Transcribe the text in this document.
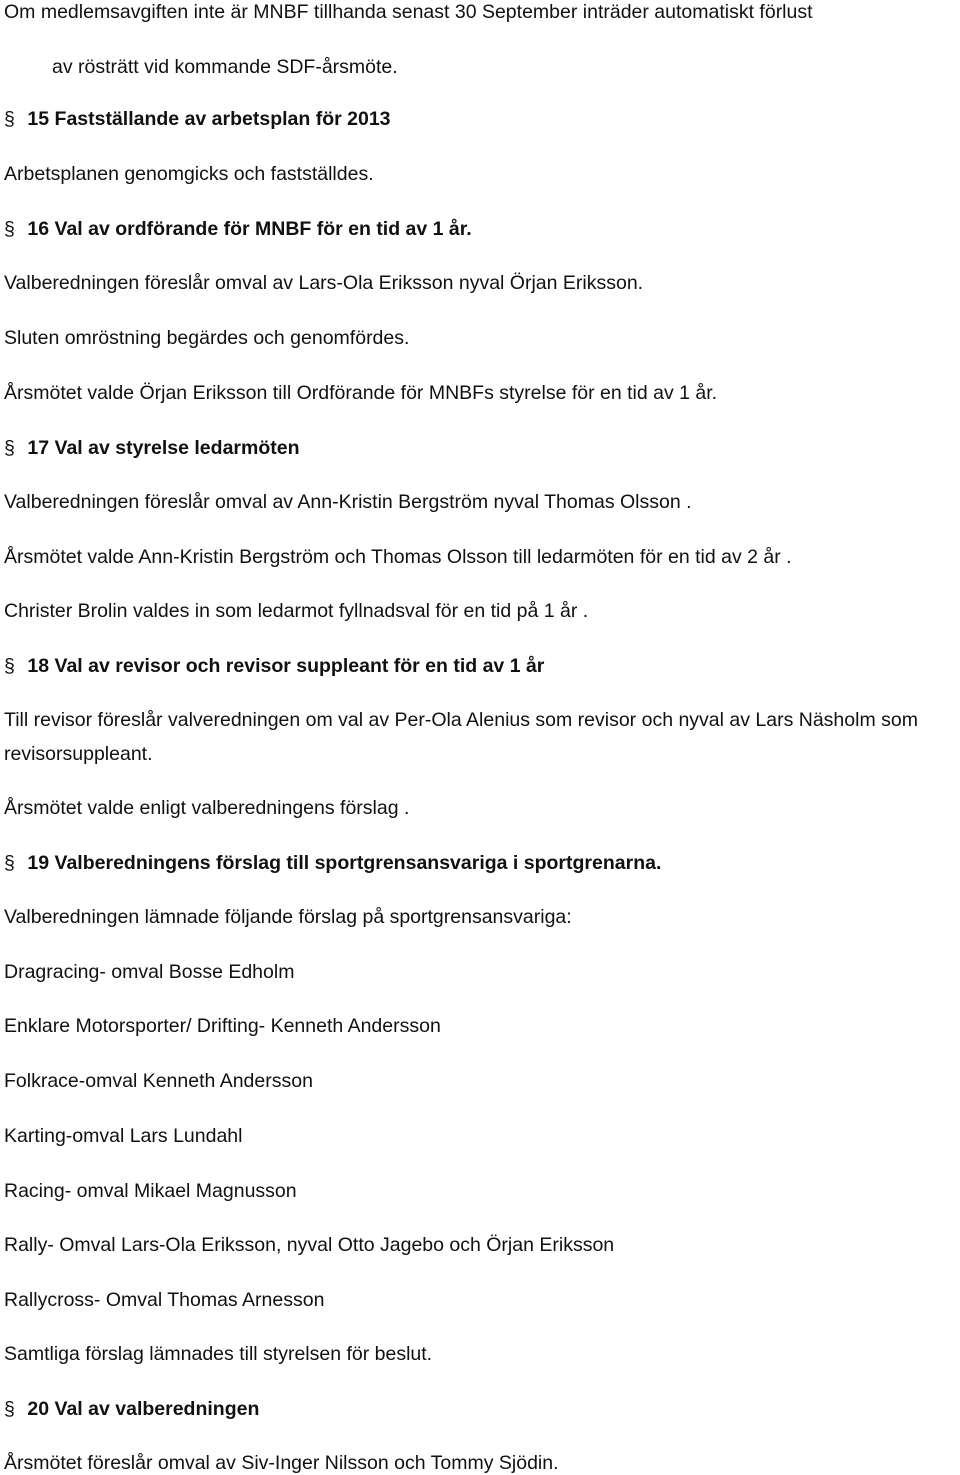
Om medlemsavgiften inte är MNBF tillhanda senast 30 September inträder automatiskt förlust
av rösträtt vid kommande SDF-årsmöte.
§ 15 Fastställande av arbetsplan för 2013
Arbetsplanen genomgicks och fastställdes.
§ 16 Val av ordförande för MNBF för en tid av 1 år.
Valberedningen föreslår omval av Lars-Ola Eriksson nyval Örjan Eriksson.
Sluten omröstning begärdes och genomfördes.
Årsmötet valde Örjan Eriksson till Ordförande för MNBFs styrelse för en tid av 1 år.
§ 17 Val av styrelse ledarmöten
Valberedningen föreslår omval av Ann-Kristin Bergström nyval Thomas Olsson .
Årsmötet valde Ann-Kristin Bergström och Thomas Olsson till ledarmöten för en tid av 2 år .
Christer Brolin valdes in som ledarmot fyllnadsval för en tid på 1 år .
§ 18 Val av revisor och revisor suppleant för en tid av 1 år
Till revisor föreslår valveredningen om val av Per-Ola Alenius som revisor och nyval av Lars Näsholm som revisorsuppleant.
Årsmötet valde enligt valberedningens förslag .
§ 19 Valberedningens förslag till sportgrensansvariga i sportgrenarna.
Valberedningen lämnade följande förslag på sportgrensansvariga:
Dragracing- omval Bosse Edholm
Enklare Motorsporter/ Drifting- Kenneth Andersson
Folkrace-omval Kenneth Andersson
Karting-omval Lars Lundahl
Racing- omval Mikael Magnusson
Rally- Omval Lars-Ola Eriksson, nyval Otto Jagebo och Örjan Eriksson
Rallycross- Omval Thomas Arnesson
Samtliga förslag lämnades till styrelsen för beslut.
§ 20 Val av valberedningen
Årsmötet föreslår omval av Siv-Inger Nilsson och Tommy Sjödin.
